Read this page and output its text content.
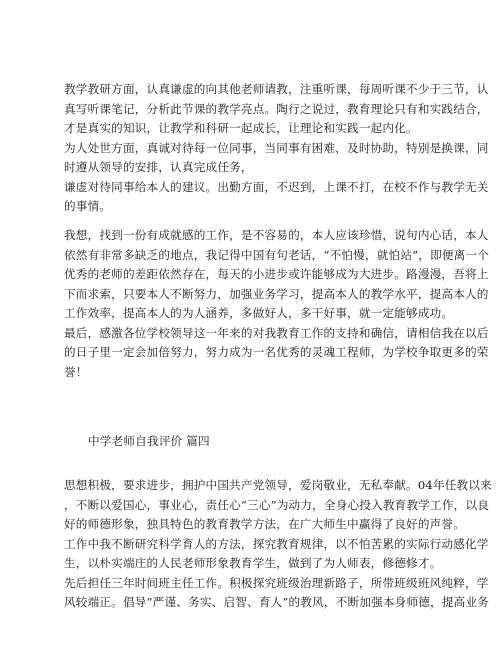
教学教研方面，认真谦虚的向其他老师请教，注重听课，每周听课不少于三节，认
真写听课笔记，分析此节课的教学亮点。陶行之说过，教育理论只有和实践结合，
才是真实的知识，让教学和科研一起成长，让理论和实践一起内化。
为人处世方面，真诚对待每一位同事，当同事有困难，及时协助，特别是换课，同
时遵从领导的安排，认真完成任务，
谦虚对待同事给本人的建议。出勤方面，不迟到，上课不打，在校不作与教学无关
的事情。
我想，找到一份有成就感的工作，是不容易的，本人应该珍惜，说句内心话，本人
依然有非常多缺乏的地点，我记得中国有句老话，“不怕慢，就怕站”，即便离一个
优秀的老师的差距依然存在，每天的小进步或许能够成为大进步。路漫漫，吾将上
下而求索，只要本人不断努力，加强业务学习，提高本人的教学水平，提高本人的
工作效率，提高本人的为人涵养，多做好人，多干好事，就一定能够成功。
最后，感激各位学校领导这一年来的对我教育工作的支持和确信，请相信我在以后
的日子里一定会加倍努力，努力成为一名优秀的灵魂工程师，为学校争取更多的荣
誉！
中学老师自我评价 篇四
思想积极，要求进步，拥护中国共产党领导，爱岗敬业，无私奉献。04年任教以来
，不断以爱国心，事业心，责任心“三心”为动力，全身心投入教育教学工作，以良
好的师德形象，独具特色的教育教学方法，在广大师生中赢得了良好的声誉。
工作中我不断研究科学育人的方法，探究教育规律，以不怕苦累的实际行动感化学
生，以朴实端庄的人民老师形象教育学生，做到了为人师表，修德修才。
先后担任三年时间班主任工作。积极探究班级治理新路子，所带班级班风纯粹，学
风较端正。倡导“严谨、务实、启智、育人”的教风，不断加强本身师德，提高业务
